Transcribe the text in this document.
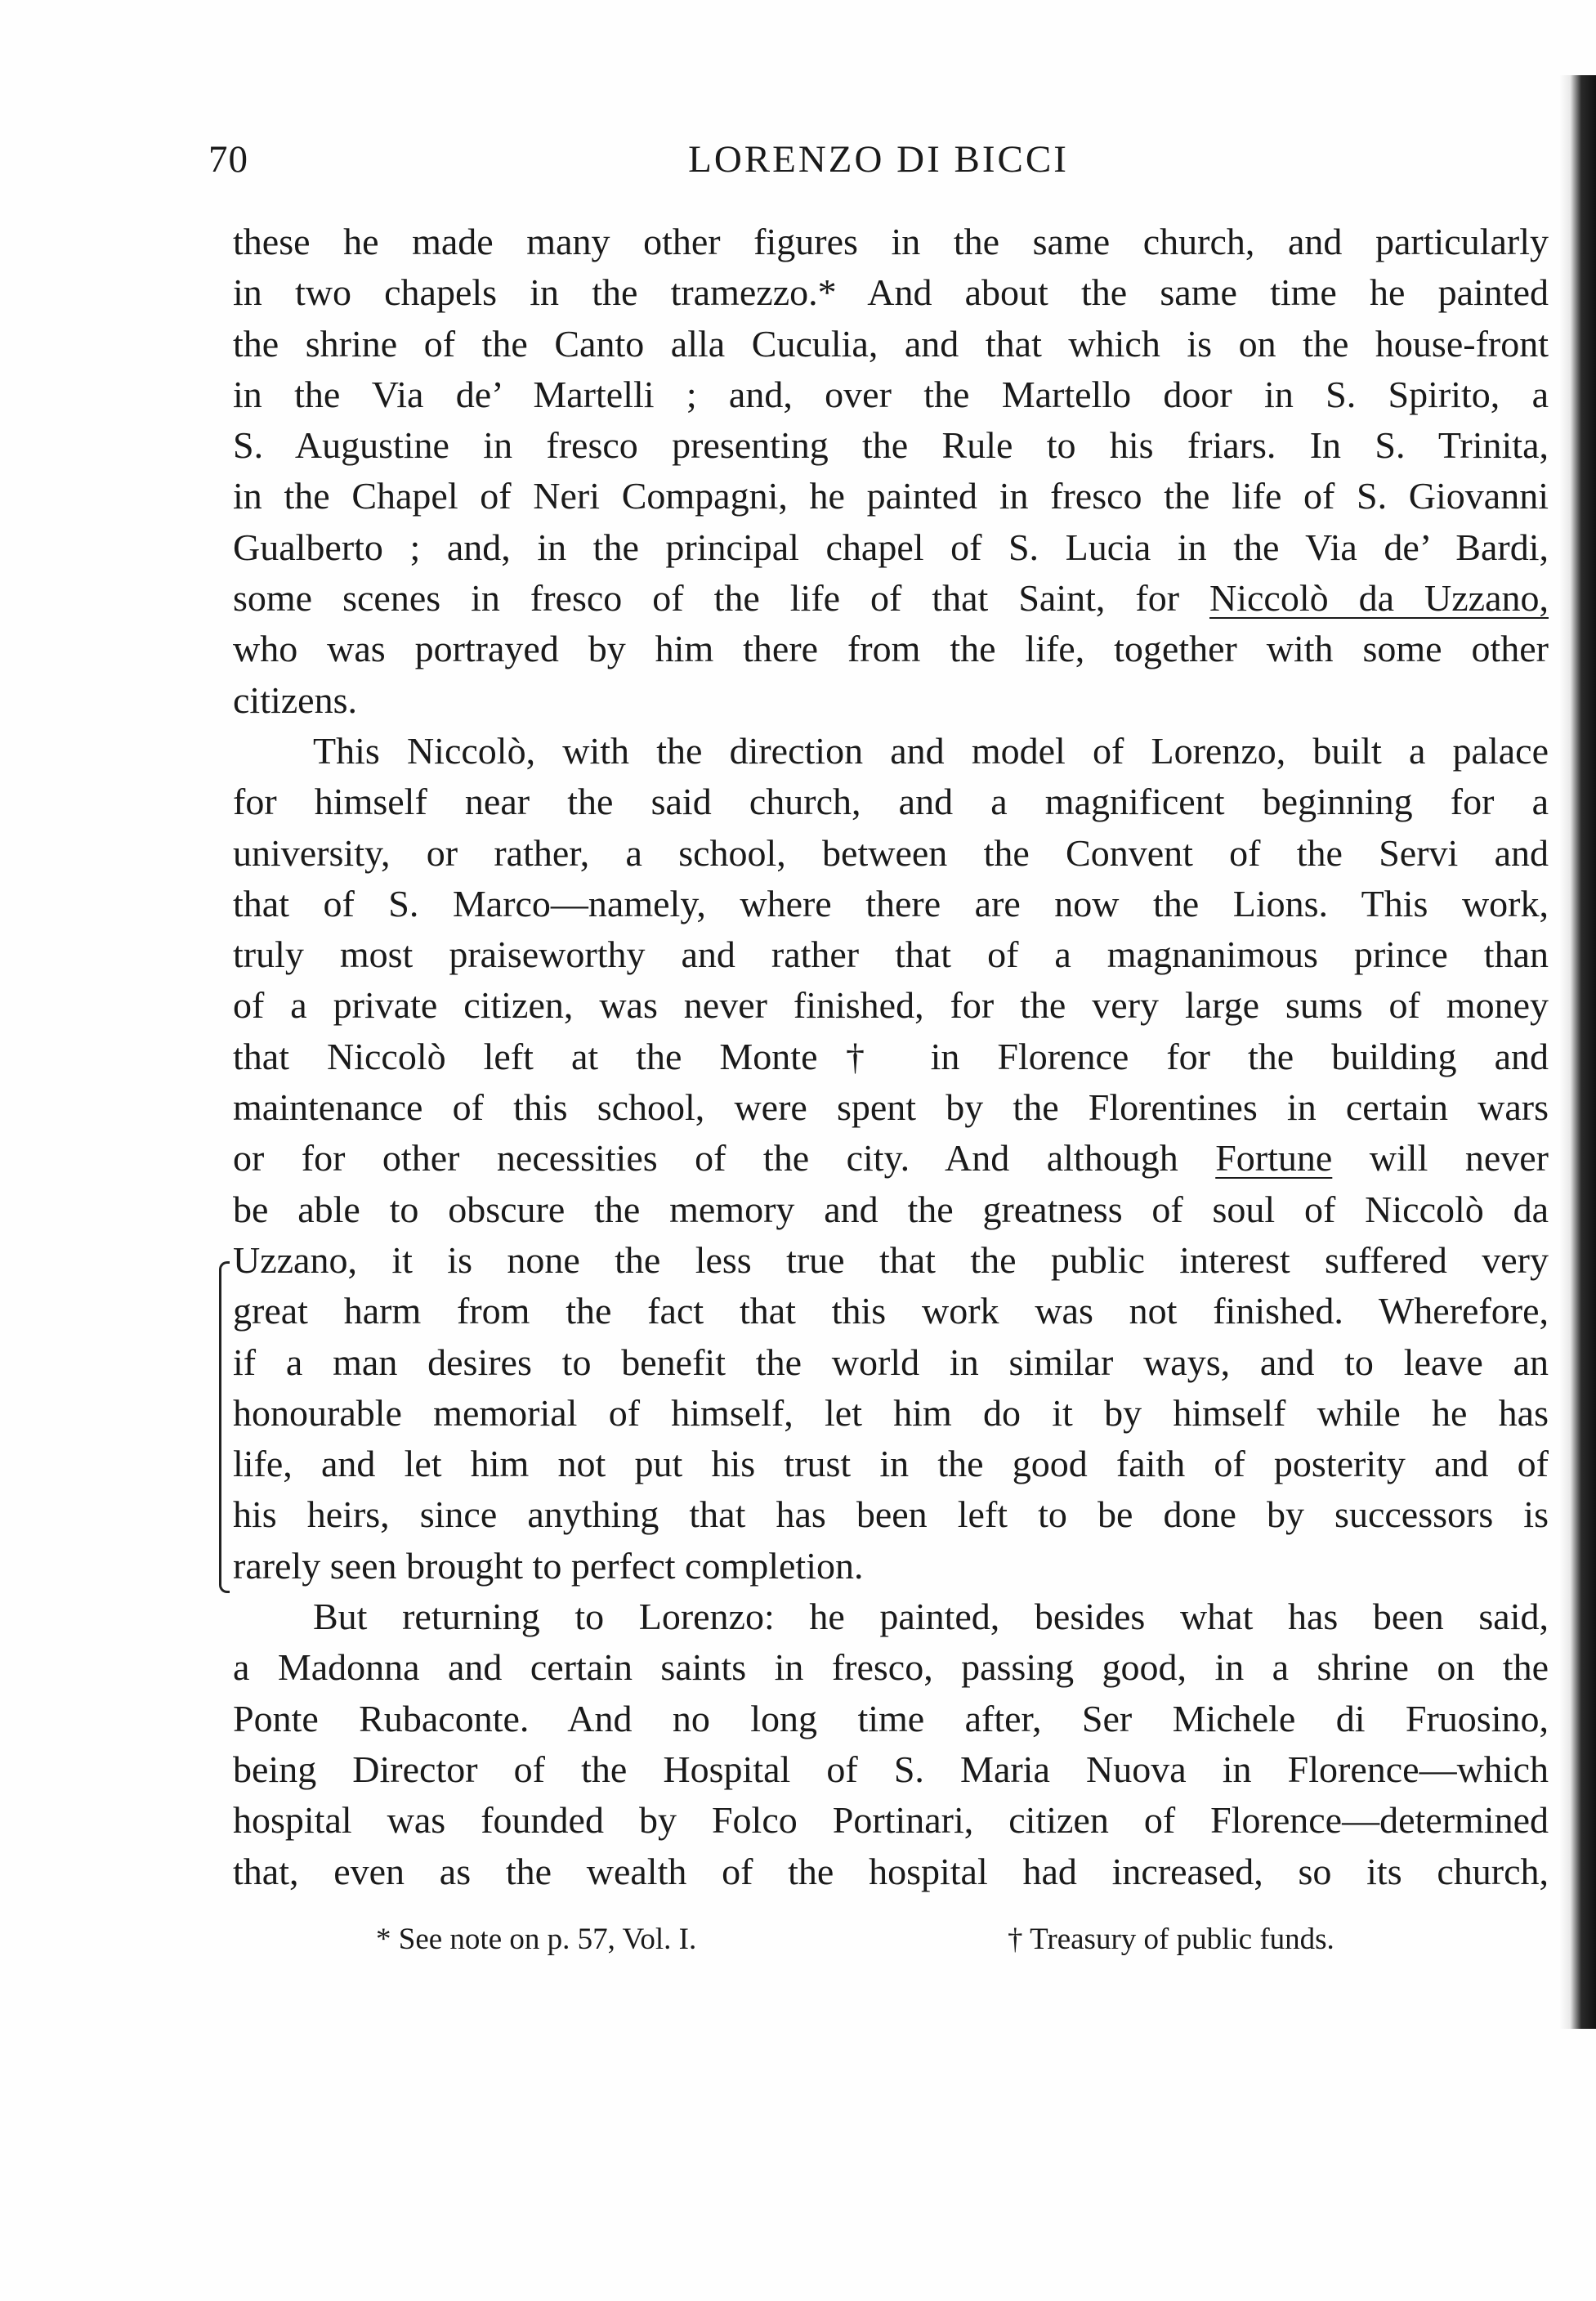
70	LORENZO DI BICCI
these he made many other figures in the same church, and particularly
in two chapels in the tramezzo.* And about the same time he painted
the shrine of the Canto alla Cuculia, and that which is on the house-front
in the Via de’ Martelli ; and, over the Martello door in S. Spirito, a
S. Augustine in fresco presenting the Rule to his friars. In S. Trinita,
in the Chapel of Neri Compagni, he painted in fresco the life of S. Giovanni
Gualberto ; and, in the principal chapel of S. Lucia in the Via de’ Bardi,
some scenes in fresco of the life of that Saint, for Niccolò da Uzzano,
who was portrayed by him there from the life, together with some other
citizens.
This Niccolò, with the direction and model of Lorenzo, built a palace
for himself near the said church, and a magnificent beginning for a
university, or rather, a school, between the Convent of the Servi and
that of S. Marco—namely, where there are now the Lions. This work,
truly most praiseworthy and rather that of a magnanimous prince than
of a private citizen, was never finished, for the very large sums of money
that Niccolò left at the Monte† in Florence for the building and
maintenance of this school, were spent by the Florentines in certain wars
or for other necessities of the city. And although Fortune will never
be able to obscure the memory and the greatness of soul of Niccolò da
Uzzano, it is none the less true that the public interest suffered very
great harm from the fact that this work was not finished. Wherefore,
if a man desires to benefit the world in similar ways, and to leave an
honourable memorial of himself, let him do it by himself while he has
life, and let him not put his trust in the good faith of posterity and of
his heirs, since anything that has been left to be done by successors is
rarely seen brought to perfect completion.
But returning to Lorenzo: he painted, besides what has been said,
a Madonna and certain saints in fresco, passing good, in a shrine on the
Ponte Rubaconte. And no long time after, Ser Michele di Fruosino,
being Director of the Hospital of S. Maria Nuova in Florence—which
hospital was founded by Folco Portinari, citizen of Florence—determined
that, even as the wealth of the hospital had increased, so its church,
* See note on p. 57, Vol. I.	† Treasury of public funds.
